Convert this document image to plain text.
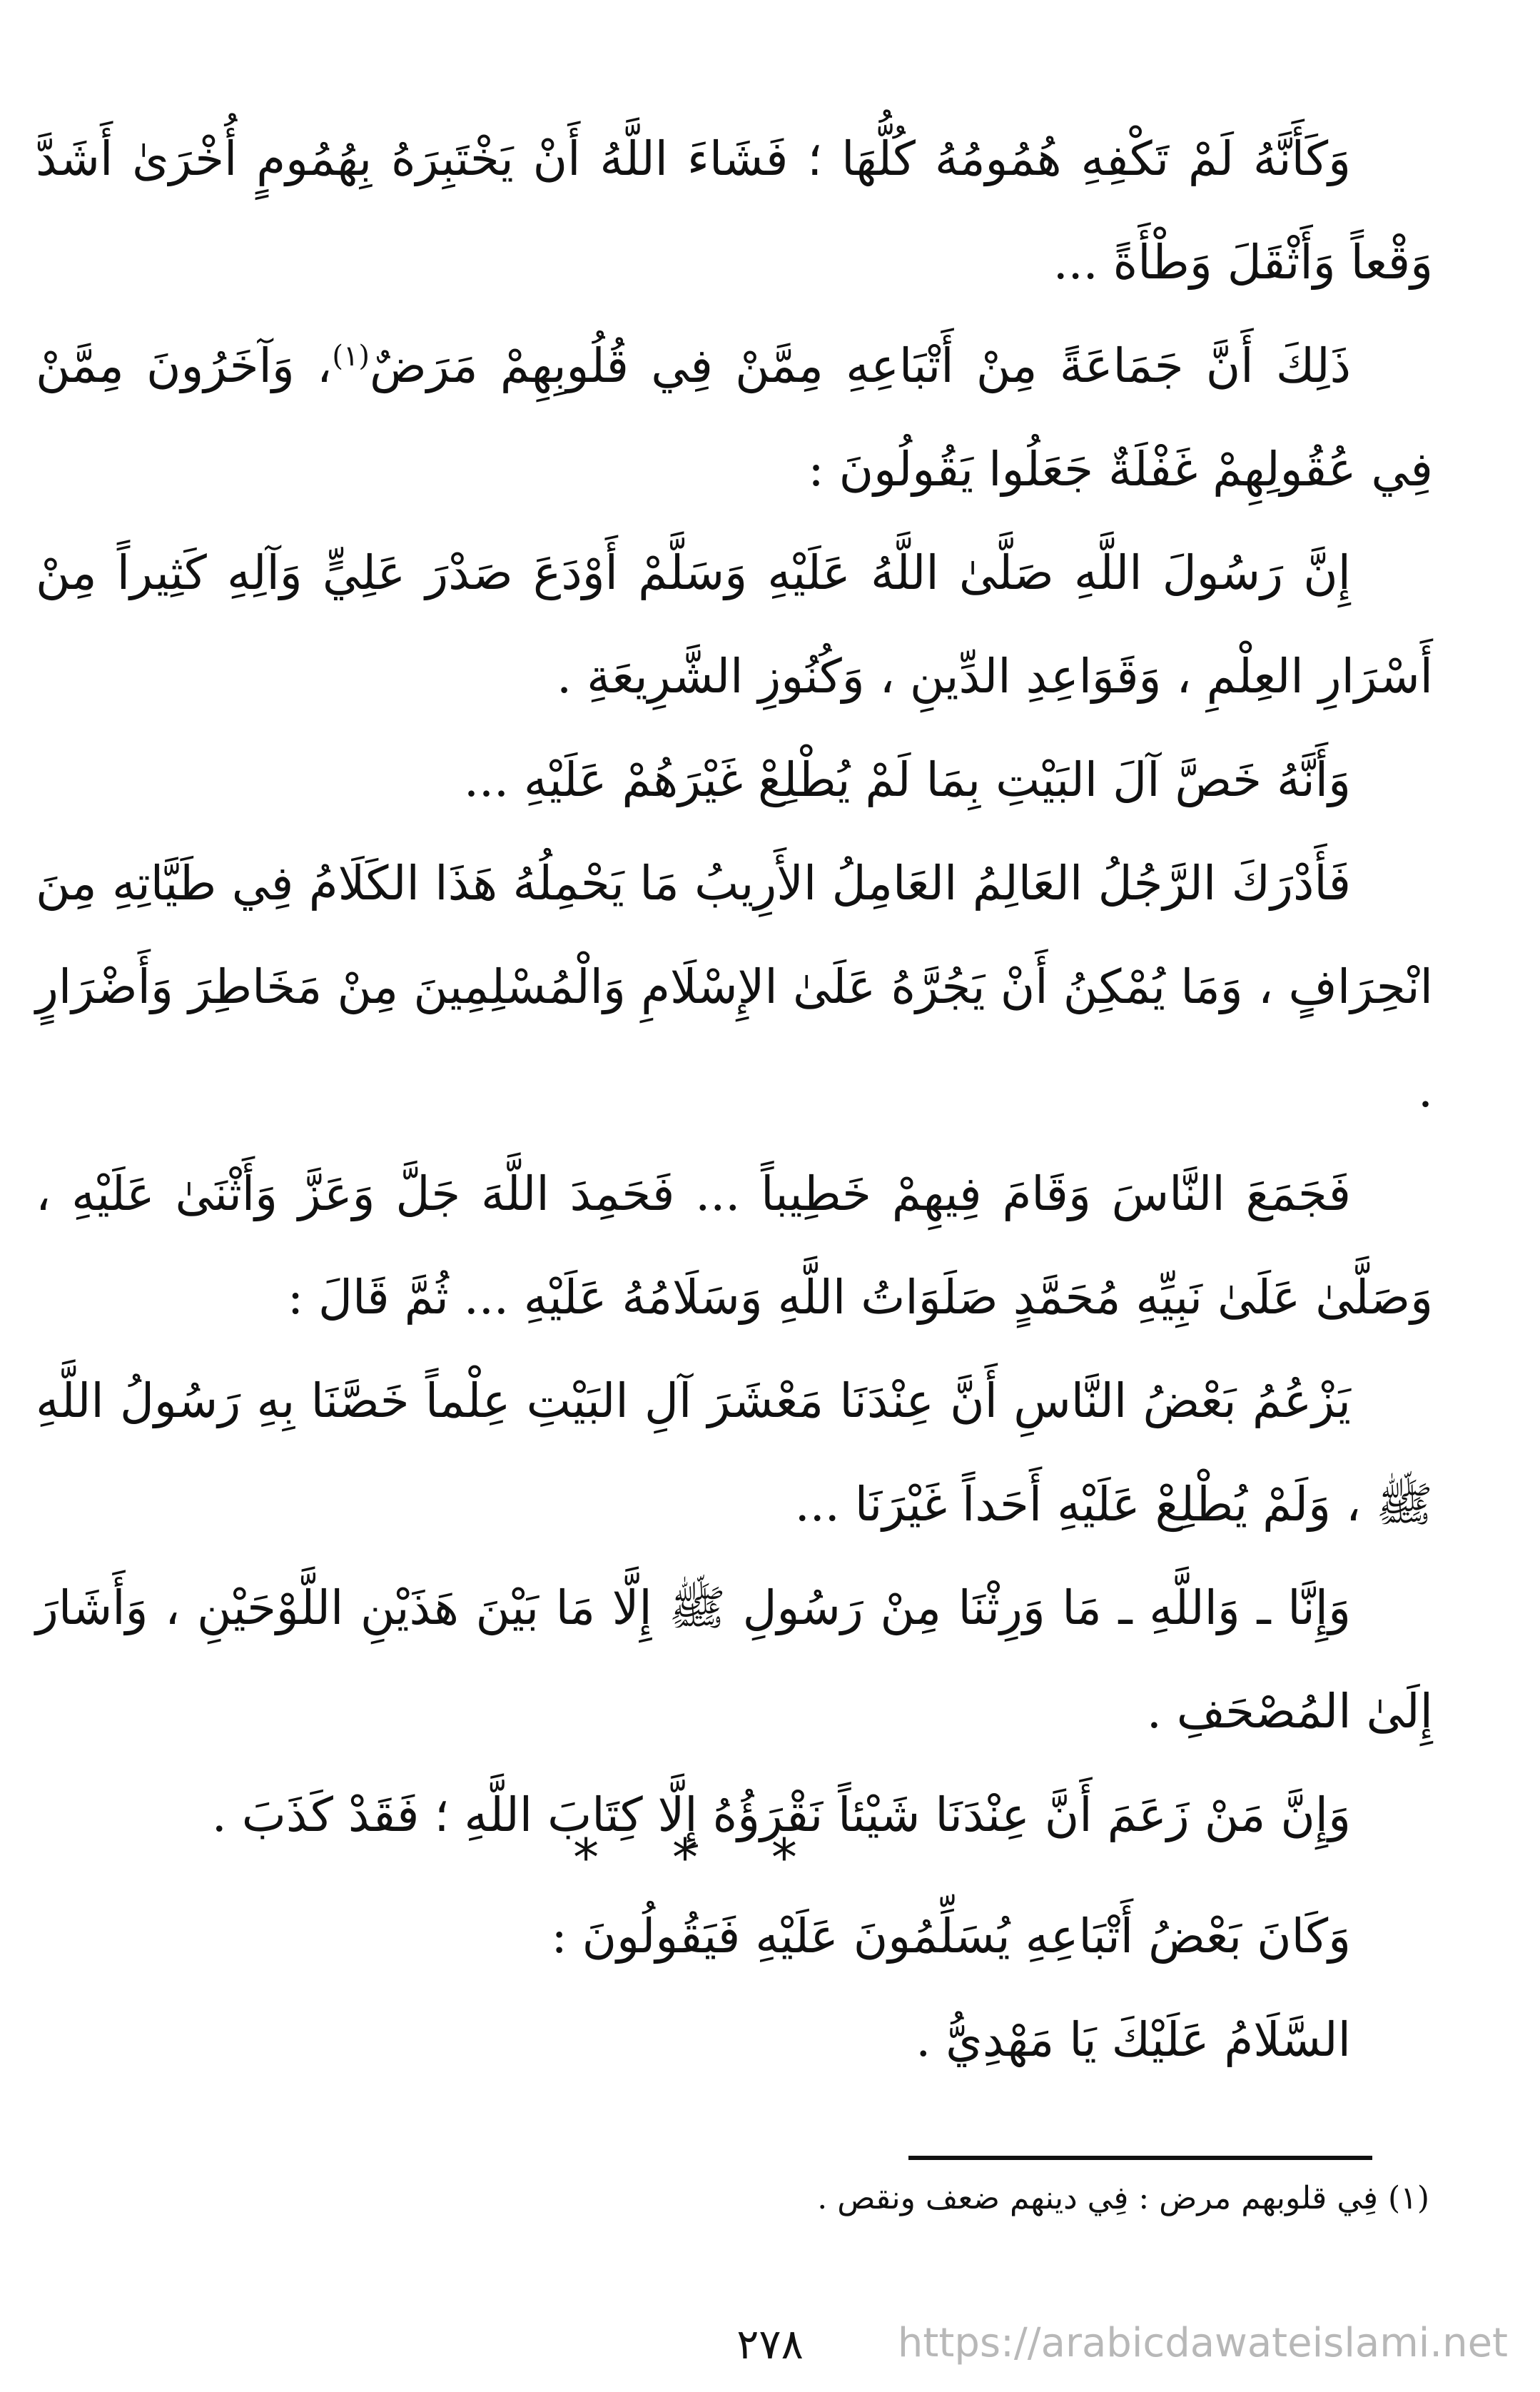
وَكَأَنَّهُ لَمْ تَكْفِهِ هُمُومُهُ كُلُّهَا ؛ فَشَاءَ اللَّهُ أَنْ يَخْتَبِرَهُ بِهُمُومٍ أُخْرَىٰ أَشَدَّ وَقْعاً وَأَثْقَلَ وَطْأَةً ...

ذَلِكَ أَنَّ جَمَاعَةً مِنْ أَتْبَاعِهِ مِمَّنْ فِي قُلُوبِهِمْ مَرَضٌ$^{(١)}$، وَآخَرُونَ مِمَّنْ فِي عُقُولِهِمْ غَفْلَةٌ جَعَلُوا يَقُولُونَ :

إِنَّ رَسُولَ اللَّهِ صَلَّىٰ اللَّهُ عَلَيْهِ وَسَلَّمْ أَوْدَعَ صَدْرَ عَلِيٍّ وَآلِهِ كَثِيراً مِنْ أَسْرَارِ العِلْمِ ، وَقَوَاعِدِ الدِّينِ ، وَكُنُوزِ الشَّرِيعَةِ .

وَأَنَّهُ خَصَّ آلَ البَيْتِ بِمَا لَمْ يُطْلِعْ غَيْرَهُمْ عَلَيْهِ ...

فَأَدْرَكَ الرَّجُلُ العَالِمُ العَامِلُ الأَرِيبُ مَا يَحْمِلُهُ هَذَا الكَلَامُ فِي طَيَّاتِهِ مِنَ انْحِرَافٍ ، وَمَا يُمْكِنُ أَنْ يَجُرَّهُ عَلَىٰ الإِسْلَامِ وَالْمُسْلِمِينَ مِنْ مَخَاطِرَ وَأَضْرَارٍ .

فَجَمَعَ النَّاسَ وَقَامَ فِيهِمْ خَطِيباً ... فَحَمِدَ اللَّهَ جَلَّ وَعَزَّ وَأَثْنَىٰ عَلَيْهِ ، وَصَلَّىٰ عَلَىٰ نَبِيِّهِ مُحَمَّدٍ صَلَوَاتُ اللَّهِ وَسَلَامُهُ عَلَيْهِ ... ثُمَّ قَالَ :

يَزْعُمُ بَعْضُ النَّاسِ أَنَّ عِنْدَنَا مَعْشَرَ آلِ البَيْتِ عِلْماً خَصَّنَا بِهِ رَسُولُ اللَّهِ ﷺ ، وَلَمْ يُطْلِعْ عَلَيْهِ أَحَداً غَيْرَنَا ...

وَإِنَّا ـ وَاللَّهِ ـ مَا وَرِثْنَا مِنْ رَسُولِ ﷺ إِلَّا مَا بَيْنَ هَذَيْنِ اللَّوْحَيْنِ ، وَأَشَارَ إِلَىٰ المُصْحَفِ .

وَإِنَّ مَنْ زَعَمَ أَنَّ عِنْدَنَا شَيْئاً نَقْرَؤُهُ إِلَّا كِتَابَ اللَّهِ ؛ فَقَدْ كَذَبَ .

* * *

وَكَانَ بَعْضُ أَتْبَاعِهِ يُسَلِّمُونَ عَلَيْهِ فَيَقُولُونَ :

السَّلَامُ عَلَيْكَ يَا مَهْدِيُّ .

(١) فِي قلوبهم مرض : فِي دينهم ضعف ونقص .
٢٧٨	https://arabicdawateislami.net
